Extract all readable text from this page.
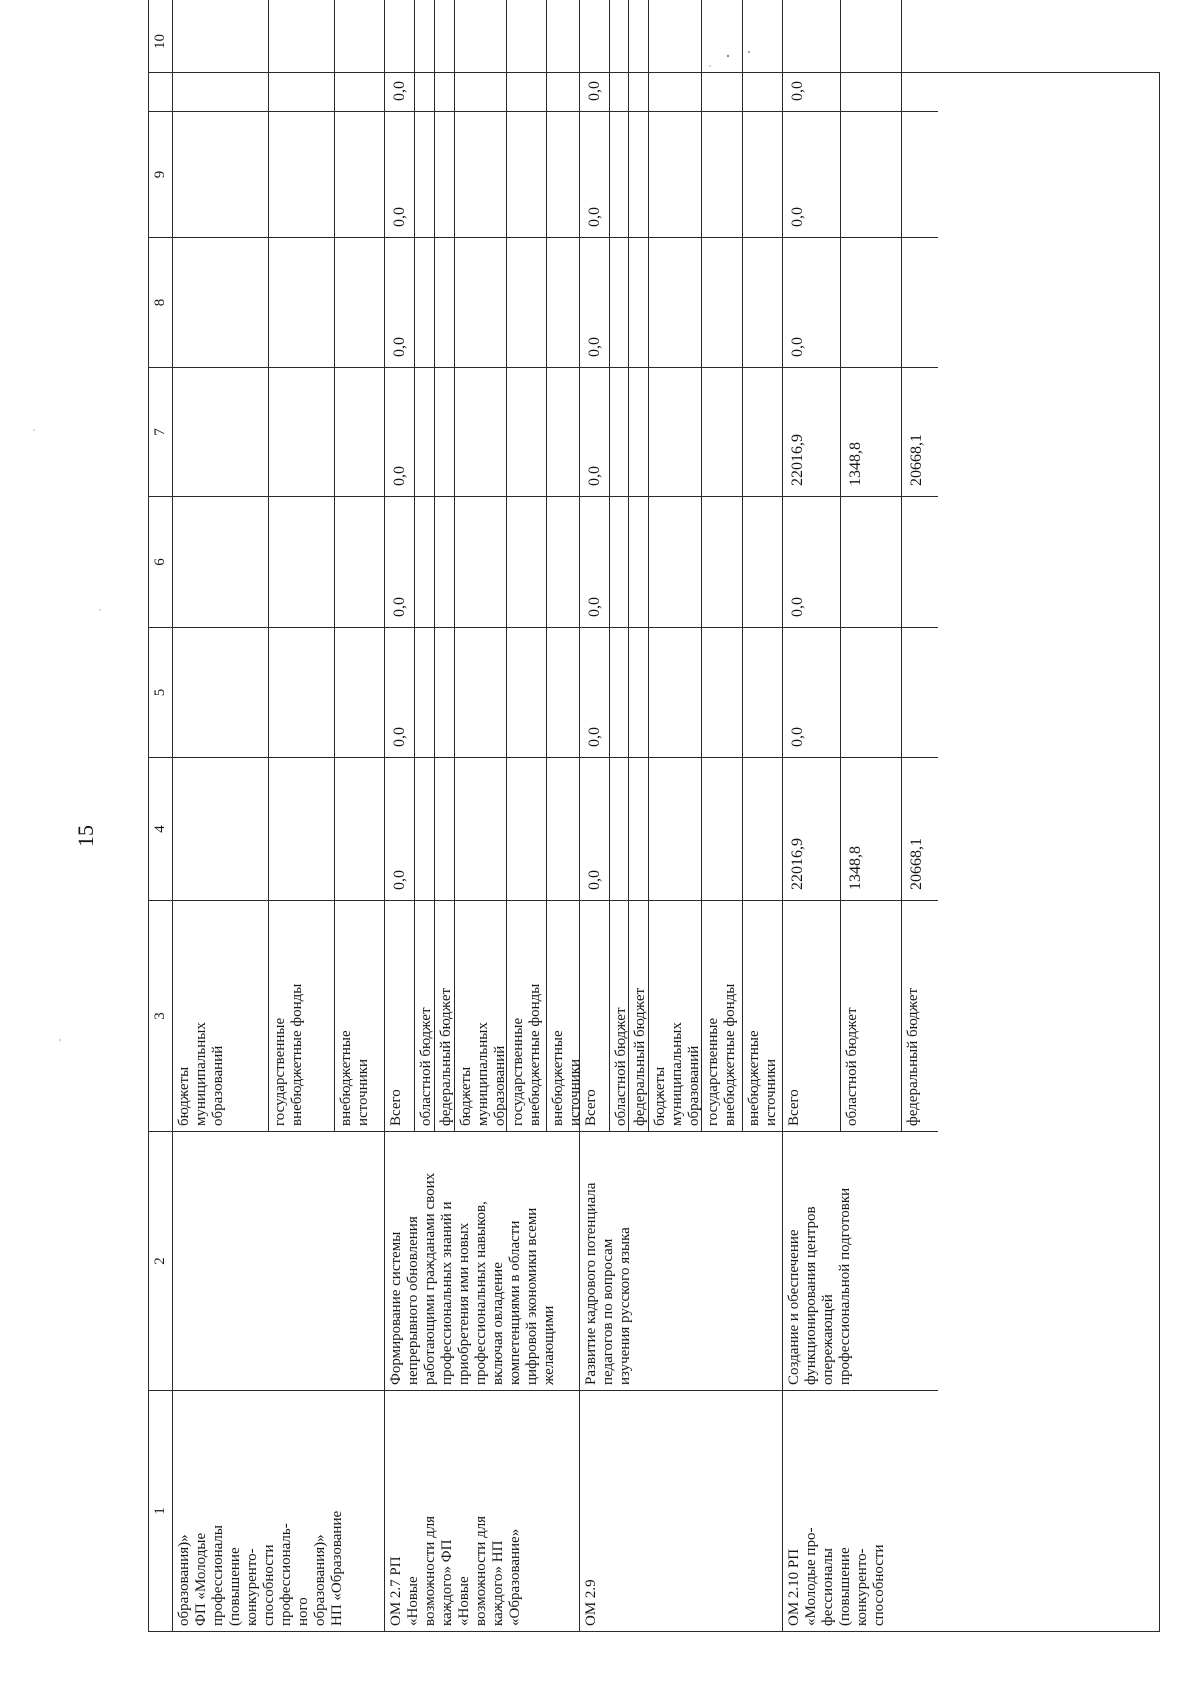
15
1
2
3
4
5
6
7
8
9
10
образования)»
ФП «Молодые
профессионалы
(повышение
конкуренто-
способности
профессиональ-
ного
образования)»
НП «Образование
бюджеты
муниципальных
образований	государственные
внебюджетные фонды
внебюджетные
источники
ОМ 2.7 РП
«Новые
возможности для
каждого» ФП
«Новые
возможности для
каждого» НП
«Образование»
Формирование системы
непрерывного обновления
работающими гражданами своих
профессиональных знаний и
приобретения ими новых
профессиональных навыков,
включая овладение
компетенциями в области
цифровой экономики всеми
желающими
Всего
0,0
0,0
0,0
0,0
0,0
0,0
0,0
областной бюджет федеральный бюджет бюджеты
муниципальных
образований государственные
внебюджетные фонды
внебюджетные
источники
ОМ 2.9
Развитие кадрового потенциала
педагогов по вопросам
изучения русского языка
Всего
0,0
0,0
0,0
0,0
0,0
0,0
0,0
областной бюджет федеральный бюджет бюджеты
муниципальных
образований государственные
внебюджетные фонды
внебюджетные
источники
ОМ 2.10 РП
«Молодые про-
фессионалы
(повышение
конкуренто-
способности
Создание и обеспечение
функционирования центров
опережающей
профессиональной подготовки
Всего
22016,9
0,0
0,0
22016,9
0,0
0,0
0,0
областной бюджет
1348,8
1348,8
федеральный бюджет
20668,1
20668,1
